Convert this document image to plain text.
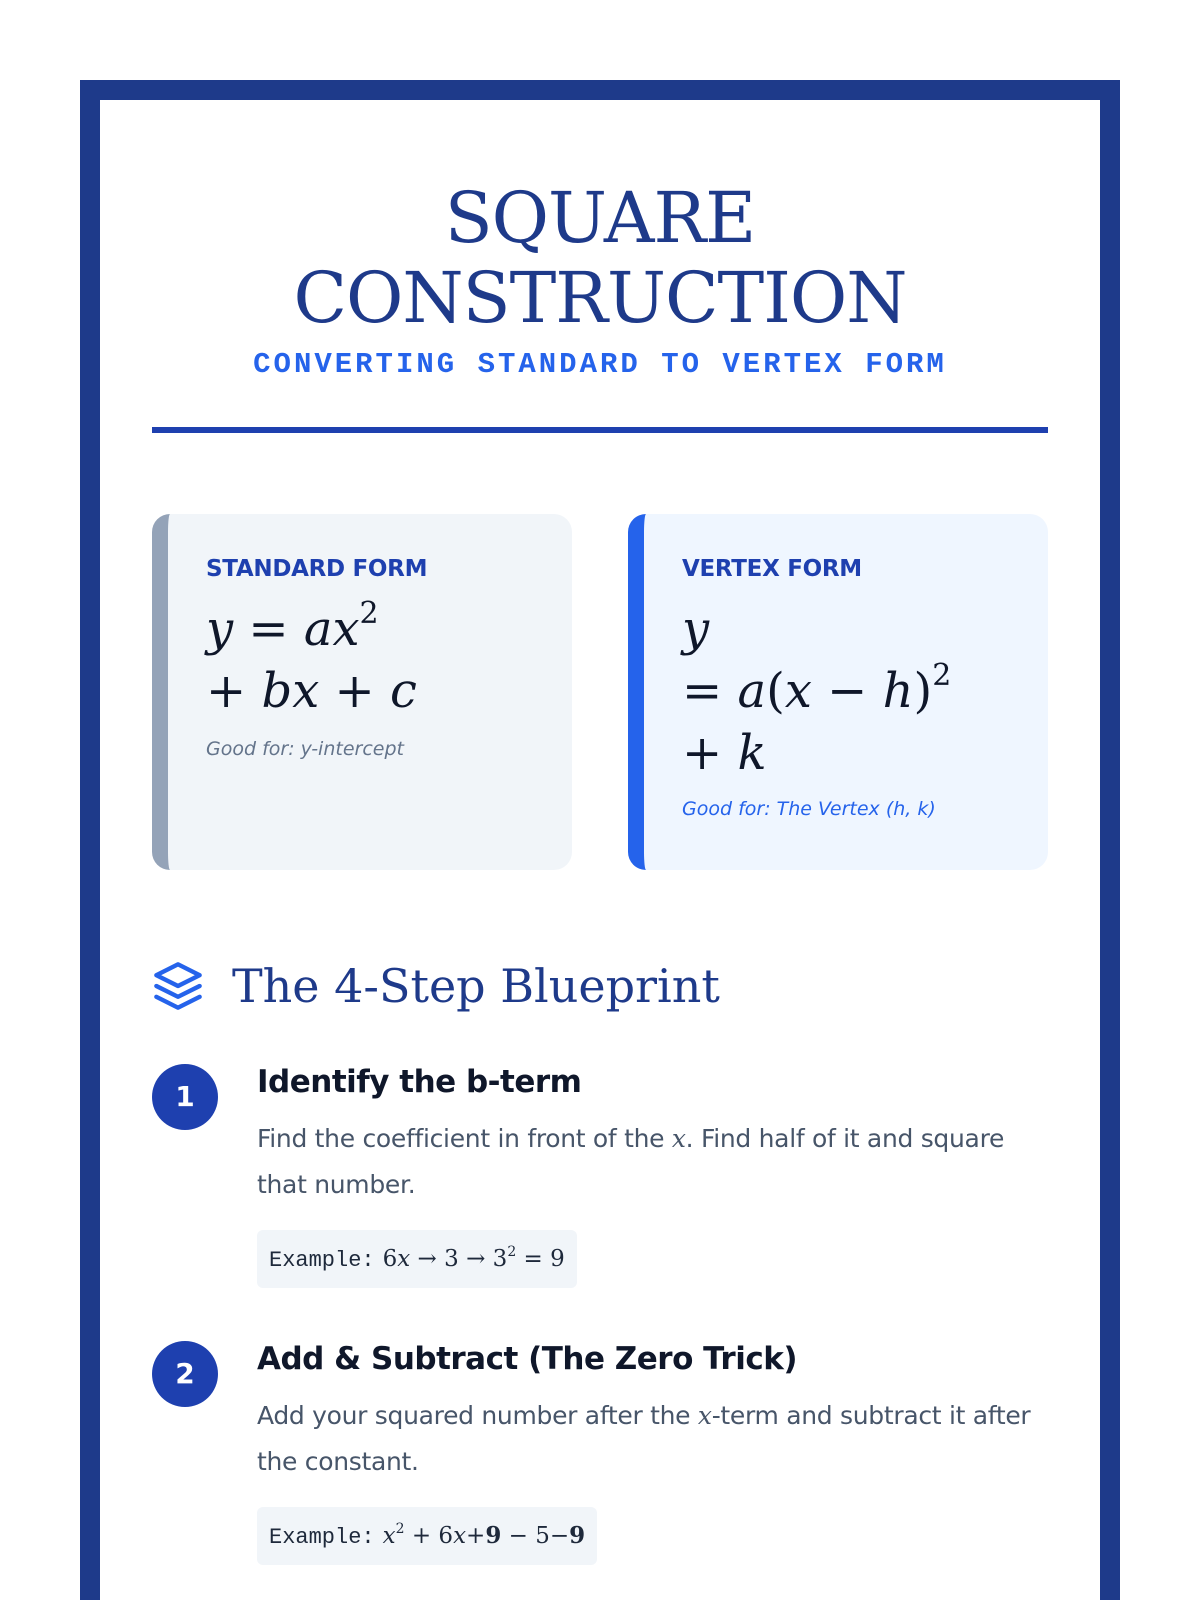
SQUARE
CONSTRUCTION
CONVERTING STANDARD TO VERTEX FORM
STANDARD FORM
$y = ax^2$
+ bx + c
Good for: y-intercept
VERTEX FORM
y
= $a(x - h)^2$
+ k
Good for: The Vertex (h, k)
The 4-Step Blueprint
1	Identify the b-term
Find the coefficient in front of the x. Find half of it and square that number.
Example: $6x \to 3 \to 3^2 = 9$
2	Add & Subtract (The Zero Trick)
Add your squared number after the x-term and subtract it after the constant.
Example: $x^2 + 6x+9 - 5-9$
